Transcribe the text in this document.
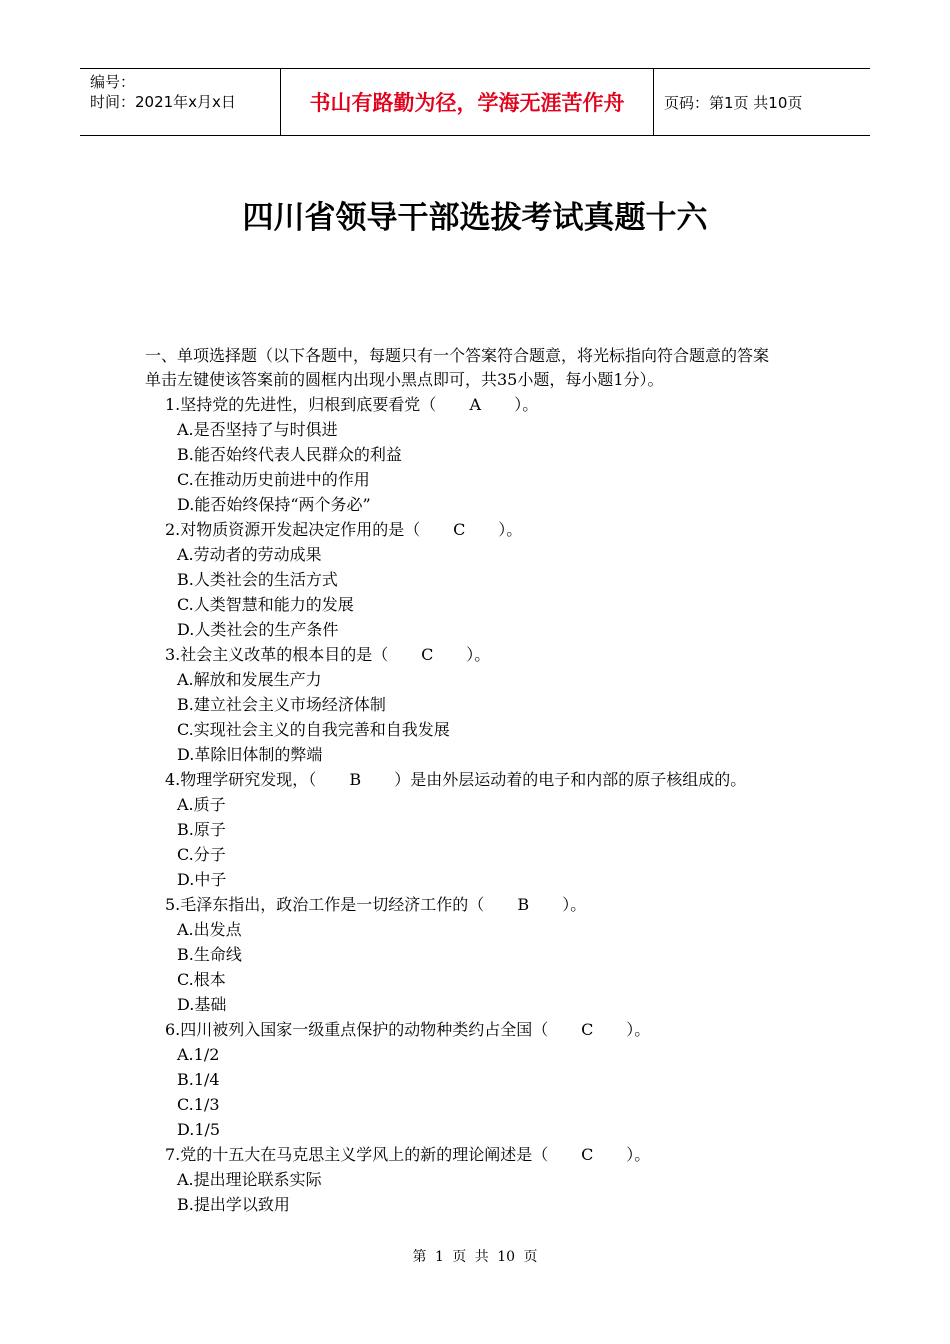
编号：
时间：2021年x月x日	书山有路勤为径，学海无涯苦作舟	页码：第1页 共10页
四川省领导干部选拔考试真题十六
一、单项选择题（以下各题中，每题只有一个答案符合题意，将光标指向符合题意的答案
单击左键使该答案前的圆框内出现小黑点即可，共35小题，每小题1分）。
1.坚持党的先进性，归根到底要看党（ A ）。
A.是否坚持了与时俱进
B.能否始终代表人民群众的利益
C.在推动历史前进中的作用
D.能否始终保持“两个务必”
2.对物质资源开发起决定作用的是（ C ）。
A.劳动者的劳动成果
B.人类社会的生活方式
C.人类智慧和能力的发展
D.人类社会的生产条件
3.社会主义改革的根本目的是（ C ）。
A.解放和发展生产力
B.建立社会主义市场经济体制
C.实现社会主义的自我完善和自我发展
D.革除旧体制的弊端
4.物理学研究发现，（ B ）是由外层运动着的电子和内部的原子核组成的。
A.质子
B.原子
C.分子
D.中子
5.毛泽东指出，政治工作是一切经济工作的（ B ）。
A.出发点
B.生命线
C.根本
D.基础
6.四川被列入国家一级重点保护的动物种类约占全国（ C ）。
A.1/2
B.1/4
C.1/3
D.1/5
7.党的十五大在马克思主义学风上的新的理论阐述是（ C ）。
A.提出理论联系实际
B.提出学以致用
第 1 页 共 10 页
